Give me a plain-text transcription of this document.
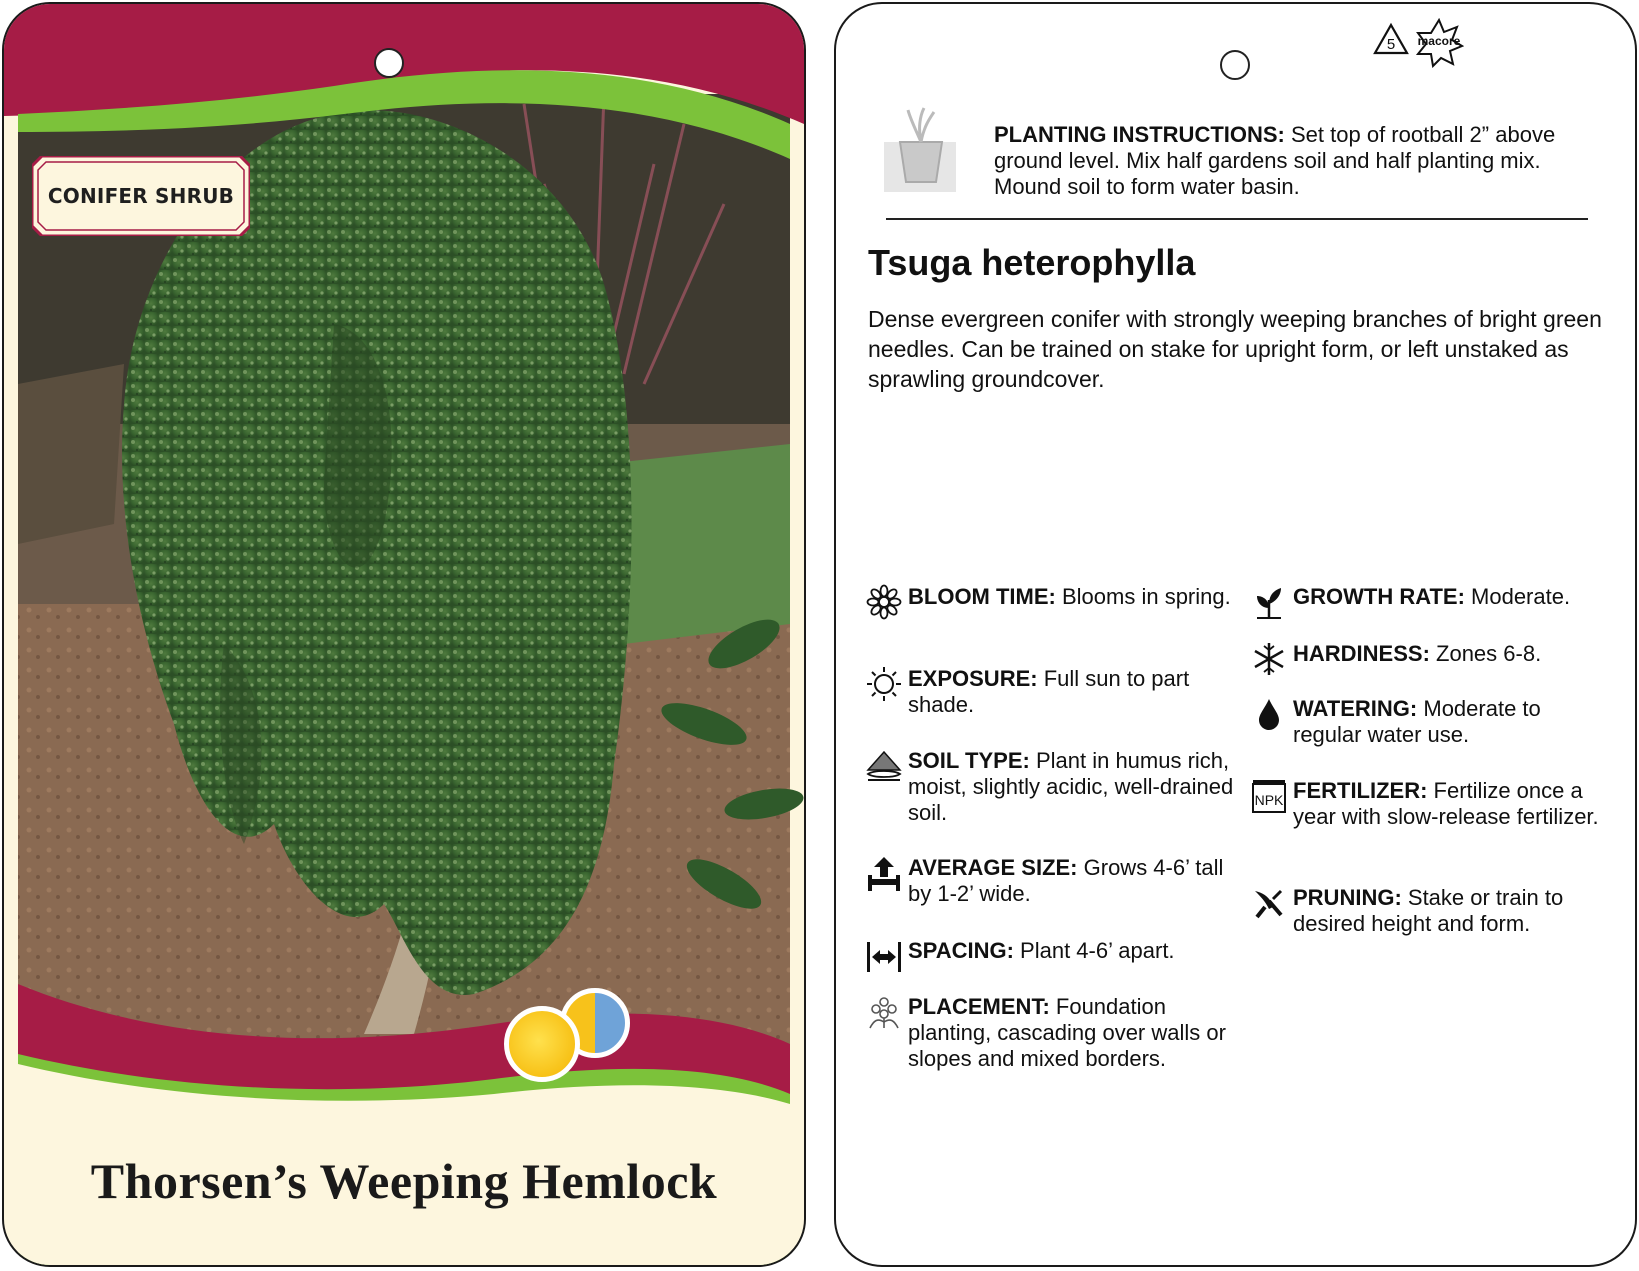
CONIFER SHRUB
Thorsen’s Weeping Hemlock
5	macore
PLANTING INSTRUCTIONS: Set top of rootball 2” above ground level. Mix half gardens soil and half planting mix. Mound soil to form water basin.
Tsuga heterophylla
Dense evergreen conifer with strongly weeping branches of bright green needles. Can be trained on stake for upright form, or left unstaked as sprawling groundcover.
BLOOM TIME: Blooms in spring.
EXPOSURE: Full sun to part shade.
SOIL TYPE: Plant in humus rich, moist, slightly acidic, well-drained soil.
AVERAGE SIZE: Grows 4-6’ tall by 1-2’ wide.
SPACING: Plant 4-6’ apart.
PLACEMENT: Foundation planting, cascading over walls or slopes and mixed borders.
GROWTH RATE: Moderate.
HARDINESS: Zones 6-8.
WATERING: Moderate to regular water use.
NPK FERTILIZER: Fertilize once a year with slow-release fertilizer.
PRUNING: Stake or train to desired height and form.
